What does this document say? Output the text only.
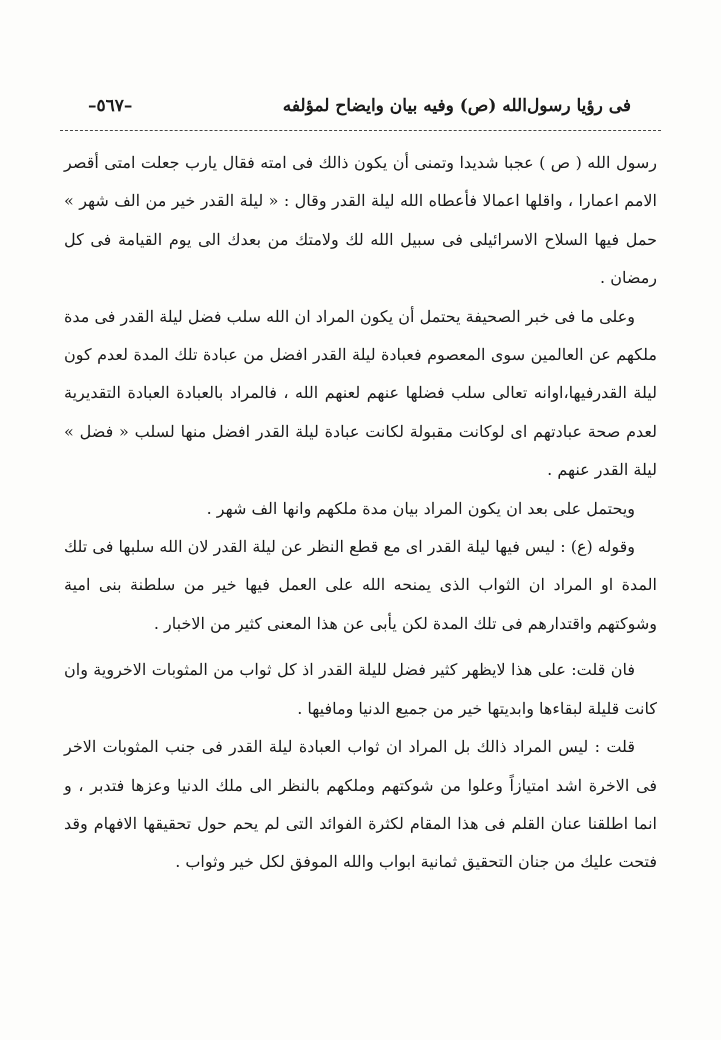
فى رؤيا رسول‌الله (ص) وفيه بيان وايضاح لمؤلفه
–٥٦٧–

رسول الله ( ص ) عجبا شديدا وتمنى أن يكون ذالك فى امته فقال يارب جعلت امتى أقصر الامم اعمارا ، واقلها اعمالا فأعطاه الله ليلة القدر وقال : « ليلة القدر خير من الف شهر » حمل فيها السلاح الاسرائيلى فى سبيل الله لك ولامتك من بعدك الى يوم القيامة فى كل رمضان .

وعلى ما فى خبر الصحيفة يحتمل أن يكون المراد ان الله سلب فضل ليلة القدر فى مدة ملكهم عن العالمين سوى المعصوم فعبادة ليلة القدر افضل من عبادة تلك المدة لعدم كون ليلة القدرفيها،اوانه تعالى سلب فضلها عنهم لعنهم الله ، فالمراد بالعبادة العبادة التقديرية لعدم صحة عبادتهم اى لوكانت مقبولة لكانت عبادة ليلة القدر افضل منها لسلب « فضل » ليلة القدر عنهم .

ويحتمل على بعد ان يكون المراد بيان مدة ملكهم وانها الف شهر .

وقوله (ع) : ليس فيها ليلة القدر اى مع قطع النظر عن ليلة القدر لان الله سلبها فى تلك المدة او المراد ان الثواب الذى يمنحه الله على العمل فيها خير من سلطنة بنى امية وشوكتهم واقتدارهم فى تلك المدة لكن يأبى عن هذا المعنى كثير من الاخبار .

فان قلت: على هذا لايظهر كثير فضل لليلة القدر اذ كل ثواب من المثوبات الاخروية وان كانت قليلة لبقاءها وابديتها خير من جميع الدنيا ومافيها .

قلت : ليس المراد ذالك بل المراد ان ثواب العبادة ليلة القدر فى جنب المثوبات الاخر فى الاخرة اشد امتيازاً وعلوا من شوكتهم وملكهم بالنظر الى ملك الدنيا وعزها فتدبر ، و انما اطلقنا عنان القلم فى هذا المقام لكثرة الفوائد التى لم يحم حول تحقيقها الافهام وقد فتحت عليك من جنان التحقيق ثمانية ابواب والله الموفق لكل خير وثواب .
